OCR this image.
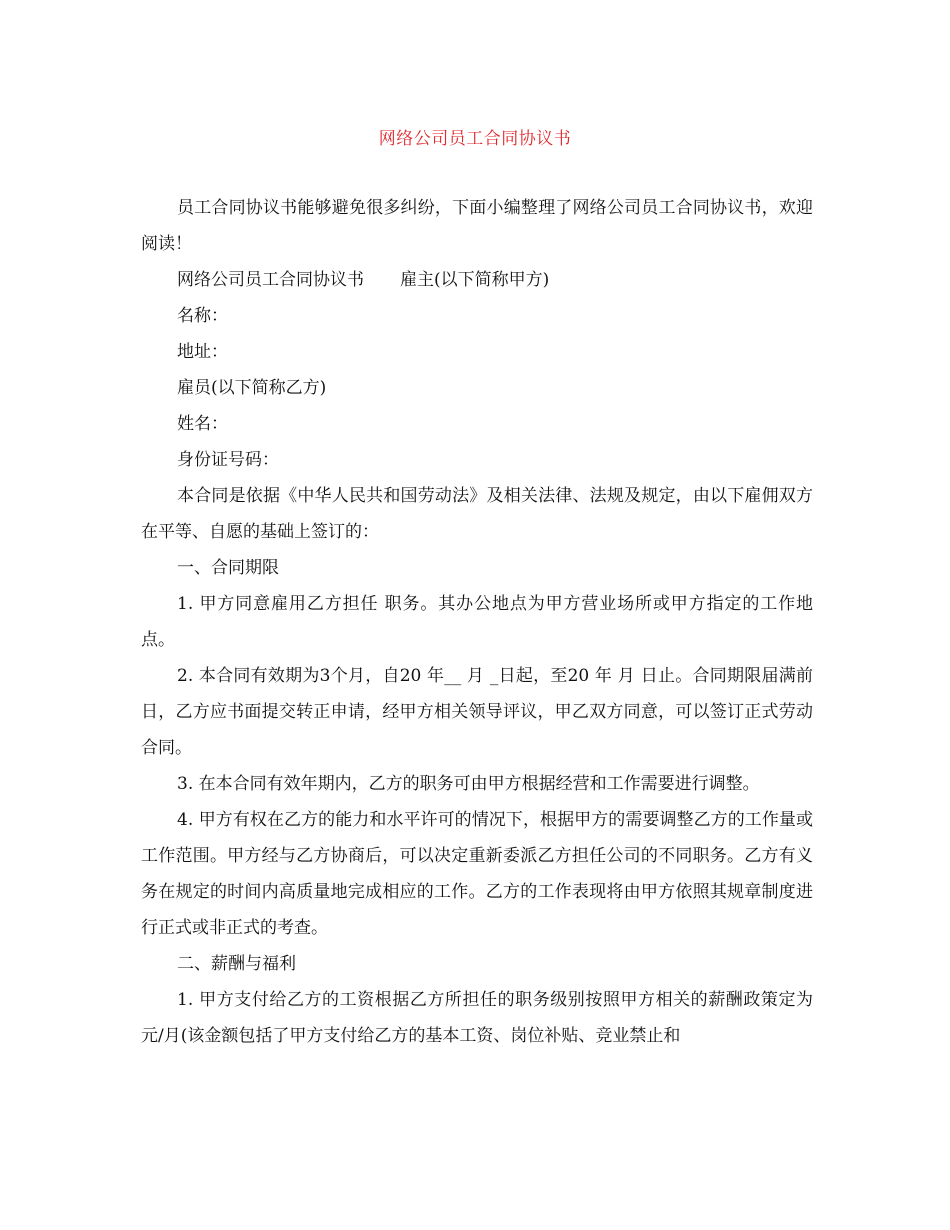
网络公司员工合同协议书

员工合同协议书能够避免很多纠纷，下面小编整理了网络公司员工合同协议书，欢迎阅读！

网络公司员工合同协议书 雇主(以下简称甲方)

名称：

地址：

雇员(以下简称乙方)

姓名：

身份证号码：

本合同是依据《中华人民共和国劳动法》及相关法律、法规及规定，由以下雇佣双方在平等、自愿的基础上签订的：

一、合同期限

1. 甲方同意雇用乙方担任 职务。其办公地点为甲方营业场所或甲方指定的工作地点。

2. 本合同有效期为3个月，自20 年__ 月 _日起，至20 年 月 日止。合同期限届满前 日，乙方应书面提交转正申请，经甲方相关领导评议，甲乙双方同意，可以签订正式劳动合同。

3. 在本合同有效年期内，乙方的职务可由甲方根据经营和工作需要进行调整。

4. 甲方有权在乙方的能力和水平许可的情况下，根据甲方的需要调整乙方的工作量或工作范围。甲方经与乙方协商后，可以决定重新委派乙方担任公司的不同职务。乙方有义务在规定的时间内高质量地完成相应的工作。乙方的工作表现将由甲方依照其规章制度进行正式或非正式的考查。

二、薪酬与福利

1. 甲方支付给乙方的工资根据乙方所担任的职务级别按照甲方相关的薪酬政策定为 元/月(该金额包括了甲方支付给乙方的基本工资、岗位补贴、竞业禁止和
